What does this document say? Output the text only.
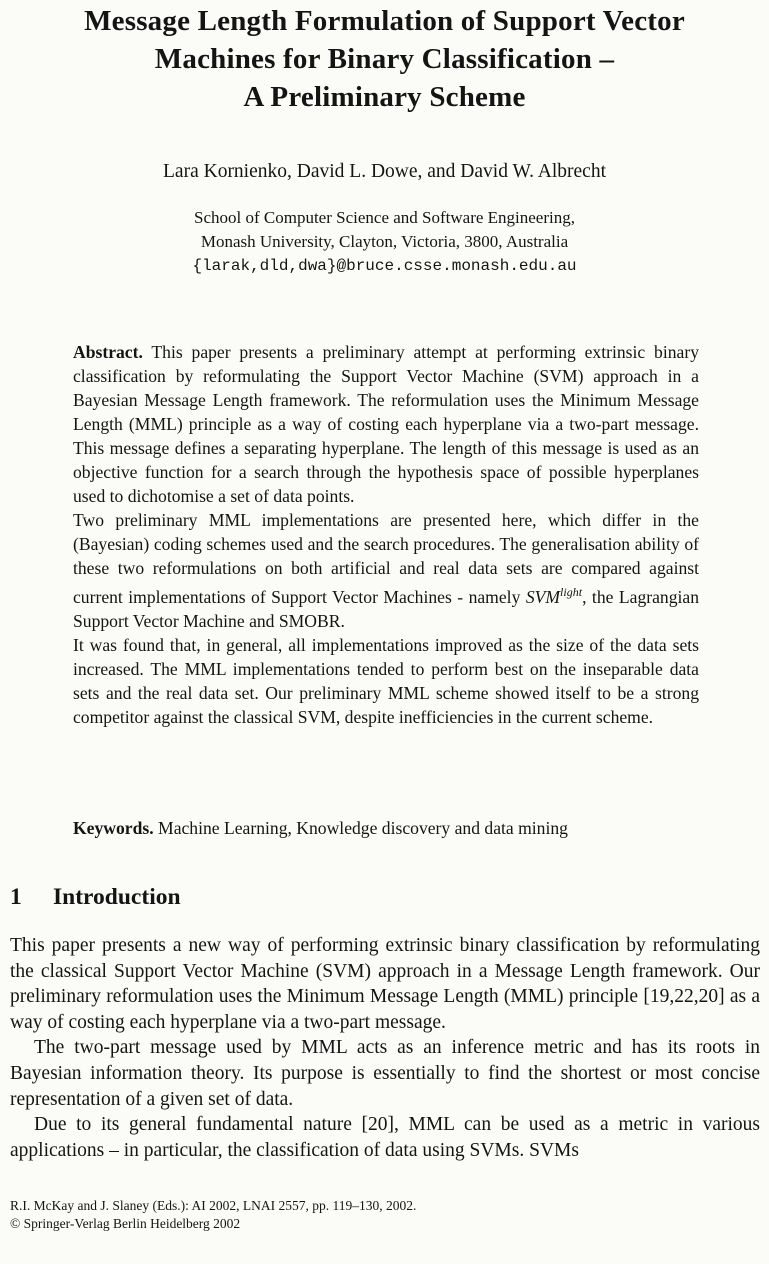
Message Length Formulation of Support Vector
Machines for Binary Classification –
A Preliminary Scheme
Lara Kornienko, David L. Dowe, and David W. Albrecht
School of Computer Science and Software Engineering,
Monash University, Clayton, Victoria, 3800, Australia
{larak,dld,dwa}@bruce.csse.monash.edu.au

Abstract. This paper presents a preliminary attempt at performing extrinsic binary classification by reformulating the Support Vector Machine (SVM) approach in a Bayesian Message Length framework. The reformulation uses the Minimum Message Length (MML) principle as a way of costing each hyperplane via a two-part message. This message defines a separating hyperplane. The length of this message is used as an objective function for a search through the hypothesis space of possible hyperplanes used to dichotomise a set of data points.

Two preliminary MML implementations are presented here, which differ in the (Bayesian) coding schemes used and the search procedures. The generalisation ability of these two reformulations on both artificial and real data sets are compared against current implementations of Support Vector Machines - namely $SVM^{light}$, the Lagrangian Support Vector Machine and SMOBR.

It was found that, in general, all implementations improved as the size of the data sets increased. The MML implementations tended to perform best on the inseparable data sets and the real data set. Our preliminary MML scheme showed itself to be a strong competitor against the classical SVM, despite inefficiencies in the current scheme.

Keywords. Machine Learning, Knowledge discovery and data mining
1 Introduction

This paper presents a new way of performing extrinsic binary classification by reformulating the classical Support Vector Machine (SVM) approach in a Message Length framework. Our preliminary reformulation uses the Minimum Message Length (MML) principle [19,22,20] as a way of costing each hyperplane via a two-part message.

The two-part message used by MML acts as an inference metric and has its roots in Bayesian information theory. Its purpose is essentially to find the shortest or most concise representation of a given set of data.

Due to its general fundamental nature [20], MML can be used as a metric in various applications – in particular, the classification of data using SVMs. SVMs

R.I. McKay and J. Slaney (Eds.): AI 2002, LNAI 2557, pp. 119–130, 2002.
© Springer-Verlag Berlin Heidelberg 2002
